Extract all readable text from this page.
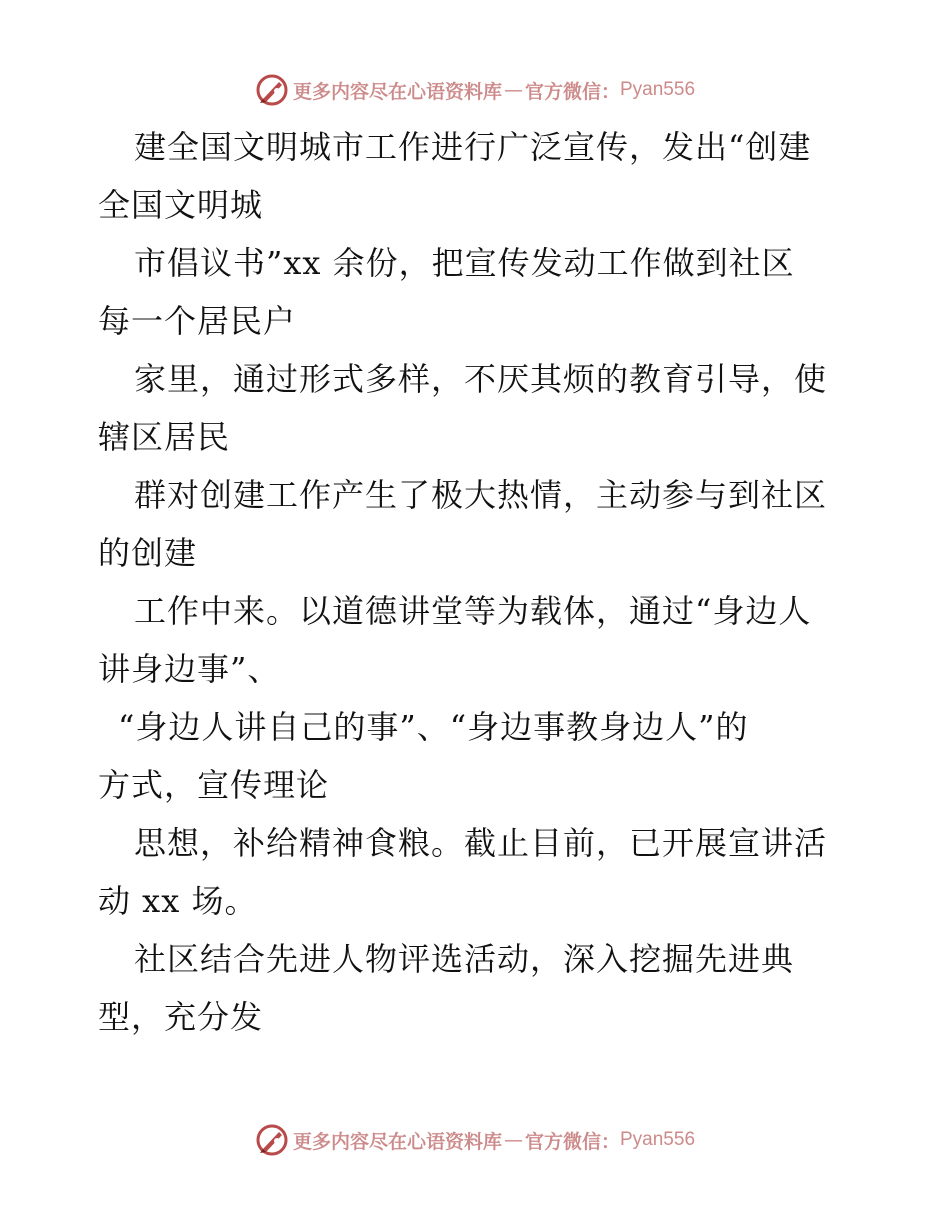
更多内容尽在心语资料库 — 官方微信： Pyan556
建全国文明城市工作进行广泛宣传，发出“创建
全国文明城
市倡议书”xx 余份，把宣传发动工作做到社区
每一个居民户
家里，通过形式多样，不厌其烦的教育引导，使
辖区居民
群对创建工作产生了极大热情，主动参与到社区
的创建
工作中来。以道德讲堂等为载体，通过“身边人
讲身边事”、
“身边人讲自己的事”、“身边事教身边人”的
方式，宣传理论
思想，补给精神食粮。截止目前，已开展宣讲活
动 xx 场。
社区结合先进人物评选活动，深入挖掘先进典
型，充分发
更多内容尽在心语资料库 — 官方微信： Pyan556
